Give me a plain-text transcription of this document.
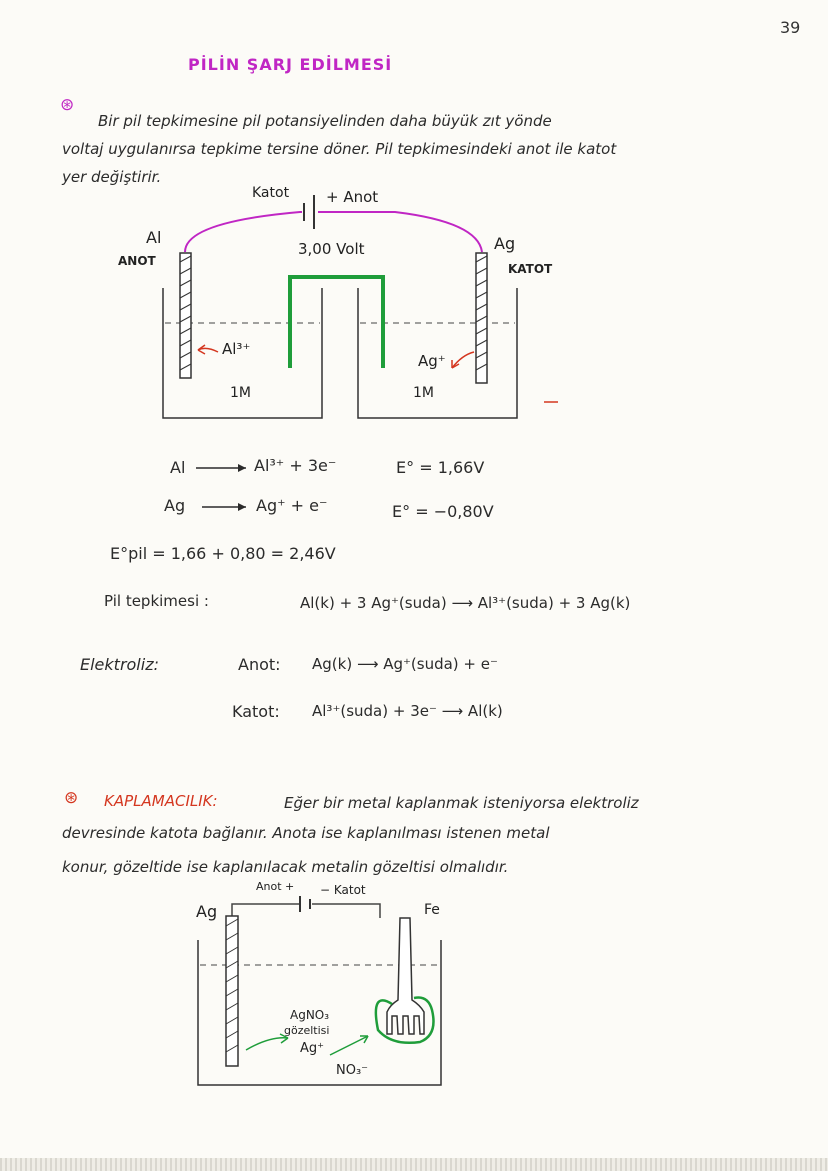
39
PİLİN ŞARJ EDİLMESİ
⊛
Bir pil tepkimesine pil potansiyelinden daha büyük zıt yönde
voltaj uygulanırsa tepkime tersine döner. Pil tepkimesindeki anot ile katot
yer değiştirir.
Katot + Anot
3,00 Volt
Al
ANOT
Ag
KATOT
Al³⁺
Ag⁺
1M	1M
Al	Al³⁺ + 3e⁻	E° = 1,66V
Ag	Ag⁺ + e⁻	E° = −0,80V
E°pil = 1,66 + 0,80 = 2,46V
Pil tepkimesi :	Al(k) + 3 Ag⁺(suda) ⟶ Al³⁺(suda) + 3 Ag(k)
Elektroliz:	Anot: Ag(k) ⟶ Ag⁺(suda) + e⁻
Katot: Al³⁺(suda) + 3e⁻ ⟶ Al(k)
⊛ KAPLAMACILIK:	Eğer bir metal kaplanmak isteniyorsa elektroliz
devresinde katota bağlanır. Anota ise kaplanılması istenen metal
konur, gözeltide ise kaplanılacak metalin gözeltisi olmalıdır.
Anot + − Katot
Ag	Fe
AgNO₃
gözeltisi
Ag⁺
NO₃⁻
